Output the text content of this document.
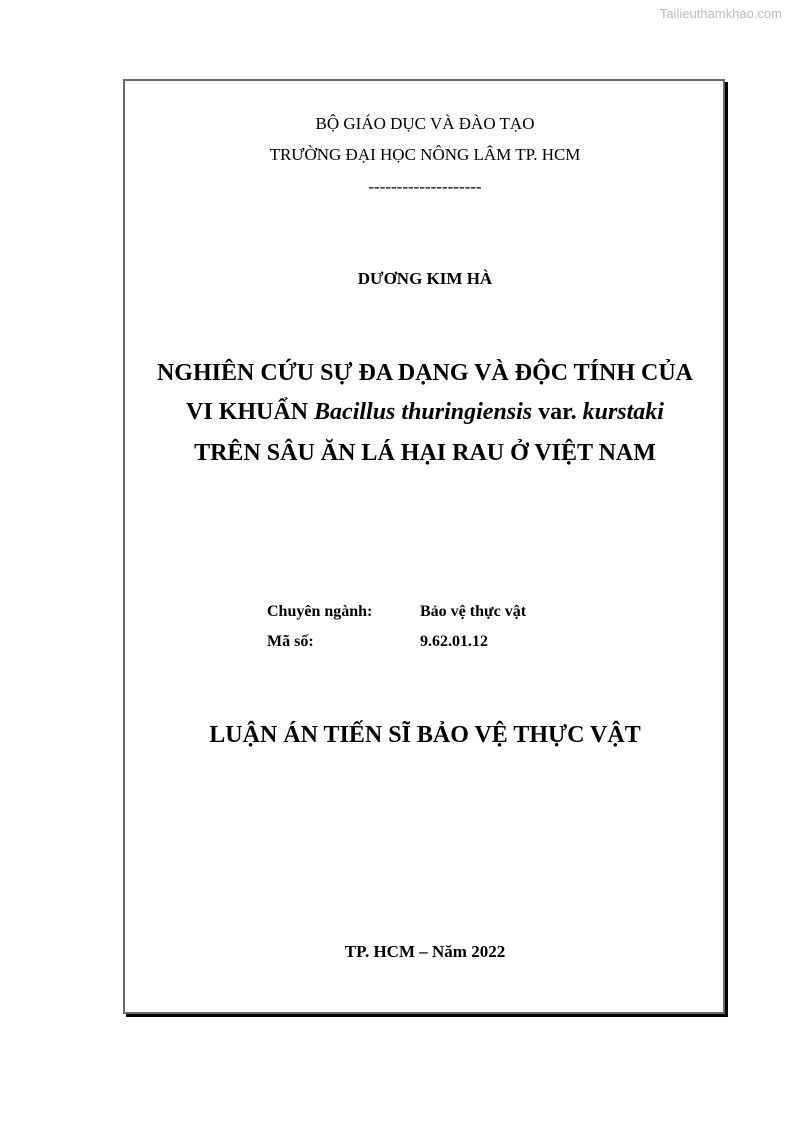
Tailieuthamkhao.com
BỘ GIÁO DỤC VÀ ĐÀO TẠO
TRƯỜNG ĐẠI HỌC NÔNG LÂM TP. HCM
--------------------
DƯƠNG KIM HÀ
NGHIÊN CỨU SỰ ĐA DẠNG VÀ ĐỘC TÍNH CỦA
VI KHUẨN Bacillus thuringiensis var. kurstaki
TRÊN SÂU ĂN LÁ HẠI RAU Ở VIỆT NAM
Chuyên ngành:	Bảo vệ thực vật
Mã số:	9.62.01.12
LUẬN ÁN TIẾN SĨ BẢO VỆ THỰC VẬT
TP. HCM – Năm 2022
